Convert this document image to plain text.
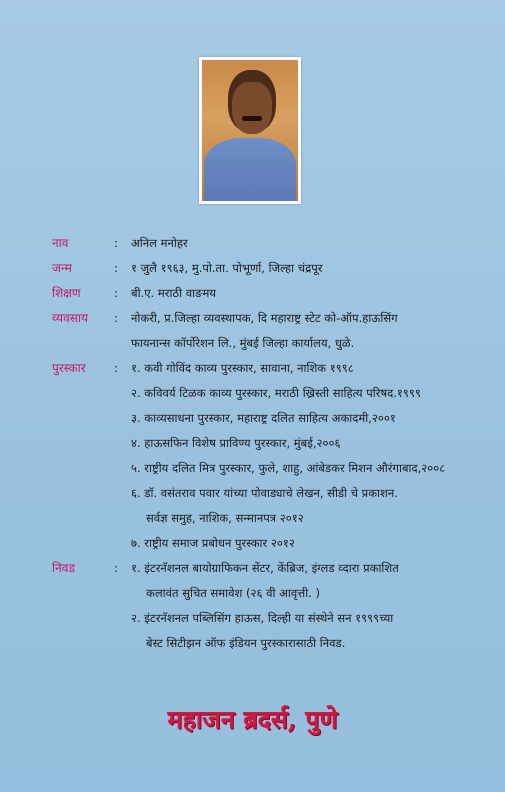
नाव	: अनिल मनोहर
जन्म	: १ जुलै १९६३, मु.पो.ता. पोभूर्णा, जिल्हा चंद्रपूर
शिक्षण	: बी.ए. मराठी वाङमय
व्यवसाय : नोकरी, प्र.जिल्हा व्यवस्थापक, दि महाराष्ट्र स्टेट को-ऑप.हाऊसिंग
फायनान्स कॉर्पोरेशन लि., मुंबई जिल्हा कार्यालय, धुळे.
पुरस्कार : १. कवी गोविंद काव्य पुरस्कार, सावाना, नाशिक १९९८
२. कविवर्य टिळक काव्य पुरस्कार, मराठी ख्रिस्ती साहित्य परिषद.१९९९
३. काव्यसाधना पुरस्कार, महाराष्ट्र दलित साहित्य अकादमी,२००१
४. हाऊसफिन विशेष प्राविण्य पुरस्कार, मुंबई,२००६
५. राष्ट्रीय दलित मित्र पुरस्कार, फुले, शाहु, आंबेडकर मिशन औरंगाबाद,२००८
६. डॉ. वसंतराव पवार यांच्या पोवाड्याचे लेखन, सीडी चे प्रकाशन.
सर्वज्ञ समुह, नाशिक, सन्मानपत्र २०१२
७. राष्ट्रीय समाज प्रबोधन पुरस्कार २०१२
निवड	: १. इंटरनॅशनल बायोग्राफिकन सेंटर, केंब्रिज, इंग्लड व्दारा प्रकाशित
कलावंत सुचित समावेश (२६ वी आवृत्ती. )
२. इंटरनॅशनल पब्लिसिंग हाऊस, दिल्ही या संस्थेने सन १९९९च्या
बेस्ट सिटीझन ऑफ इंडियन पुरस्कारासाठी निवड.
महाजन ब्रदर्स, पुणे
